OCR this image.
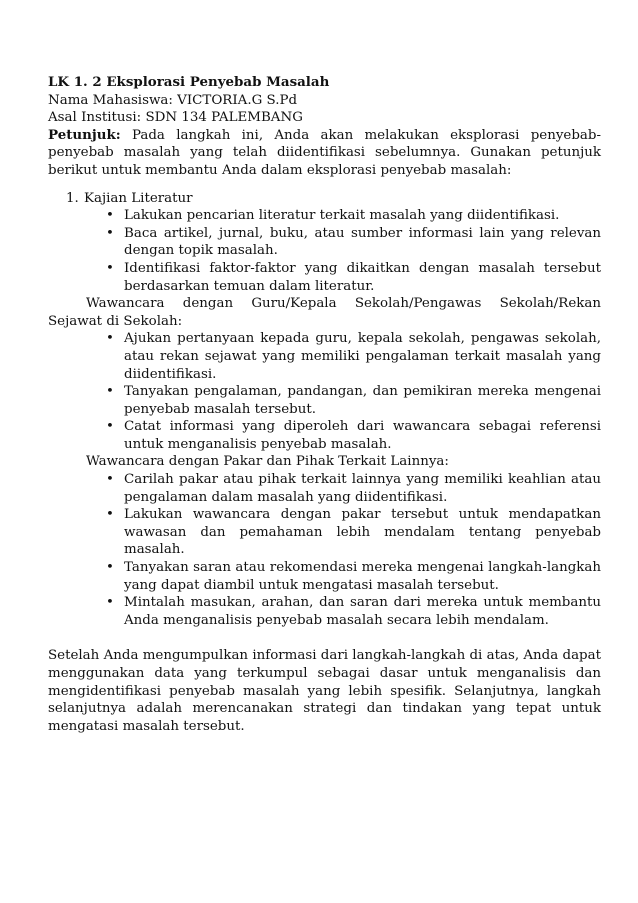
LK 1. 2 Eksplorasi Penyebab Masalah
Nama Mahasiswa: VICTORIA.G S.Pd
Asal Institusi: SDN 134 PALEMBANG

Petunjuk: Pada langkah ini, Anda akan melakukan eksplorasi penyebab-penyebab masalah yang telah diidentifikasi sebelumnya. Gunakan petunjuk berikut untuk membantu Anda dalam eksplorasi penyebab masalah:

1. Kajian Literatur
• Lakukan pencarian literatur terkait masalah yang diidentifikasi.
• Baca artikel, jurnal, buku, atau sumber informasi lain yang relevan dengan topik masalah.
• Identifikasi faktor-faktor yang dikaitkan dengan masalah tersebut berdasarkan temuan dalam literatur.

Wawancara dengan Guru/Kepala Sekolah/Pengawas Sekolah/Rekan Sejawat di Sekolah:

• Ajukan pertanyaan kepada guru, kepala sekolah, pengawas sekolah, atau rekan sejawat yang memiliki pengalaman terkait masalah yang diidentifikasi.
• Tanyakan pengalaman, pandangan, dan pemikiran mereka mengenai penyebab masalah tersebut.
• Catat informasi yang diperoleh dari wawancara sebagai referensi untuk menganalisis penyebab masalah.

Wawancara dengan Pakar dan Pihak Terkait Lainnya:

• Carilah pakar atau pihak terkait lainnya yang memiliki keahlian atau pengalaman dalam masalah yang diidentifikasi.
• Lakukan wawancara dengan pakar tersebut untuk mendapatkan wawasan dan pemahaman lebih mendalam tentang penyebab masalah.
• Tanyakan saran atau rekomendasi mereka mengenai langkah-langkah yang dapat diambil untuk mengatasi masalah tersebut.
• Mintalah masukan, arahan, dan saran dari mereka untuk membantu Anda menganalisis penyebab masalah secara lebih mendalam.

Setelah Anda mengumpulkan informasi dari langkah-langkah di atas, Anda dapat menggunakan data yang terkumpul sebagai dasar untuk menganalisis dan mengidentifikasi penyebab masalah yang lebih spesifik. Selanjutnya, langkah selanjutnya adalah merencanakan strategi dan tindakan yang tepat untuk mengatasi masalah tersebut.
